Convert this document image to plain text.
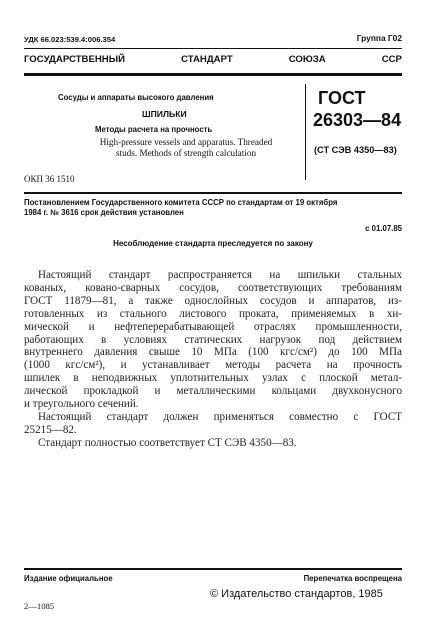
УДК 66.023:539.4:006.354	Группа Г02
ГОСУДАРСТВЕННЫЙ	СТАНДАРТ	СОЮЗА	ССР
Сосуды и аппараты высокого давления
ШПИЛЬКИ
Методы расчета на прочность
High-pressure vessels and apparatus. Threaded
studs. Methods of strength calculation
ОКП 36 1510
ГОСТ
26303—84
(СТ СЭВ 4350—83)
Постановлением Государственного комитета СССР по стандартам от 19 октября
1984 г. № 3616 срок действия установлен
с 01.07.85
Несоблюдение стандарта преследуется по закону
Настоящий стандарт распространяется на шпильки стальных
кованых, ковано-сварных сосудов, соответствующих требованиям
ГОСТ 11879—81, а также однослойных сосудов и аппаратов, из-
готовленных из стального листового проката, применяемых в хи-
мической и нефтеперерабатывающей отраслях промышленности,
работающих в условиях статических нагрузок под действием
внутреннего давления свыше 10 МПа (100 кгс/см²) до 100 МПа
(1000 кгс/см²), и устанавливает методы расчета на прочность
шпилек в неподвижных уплотнительных узлах с плоской метал-
лической прокладкой и металлическими кольцами двухконусного
и треугольного сечений.
Настоящий стандарт должен применяться совместно с ГОСТ
25215—82.
Стандарт полностью соответствует СТ СЭВ 4350—83.
Издание официальное	Перепечатка воспрещена
© Издательство стандартов, 1985
2—1085
